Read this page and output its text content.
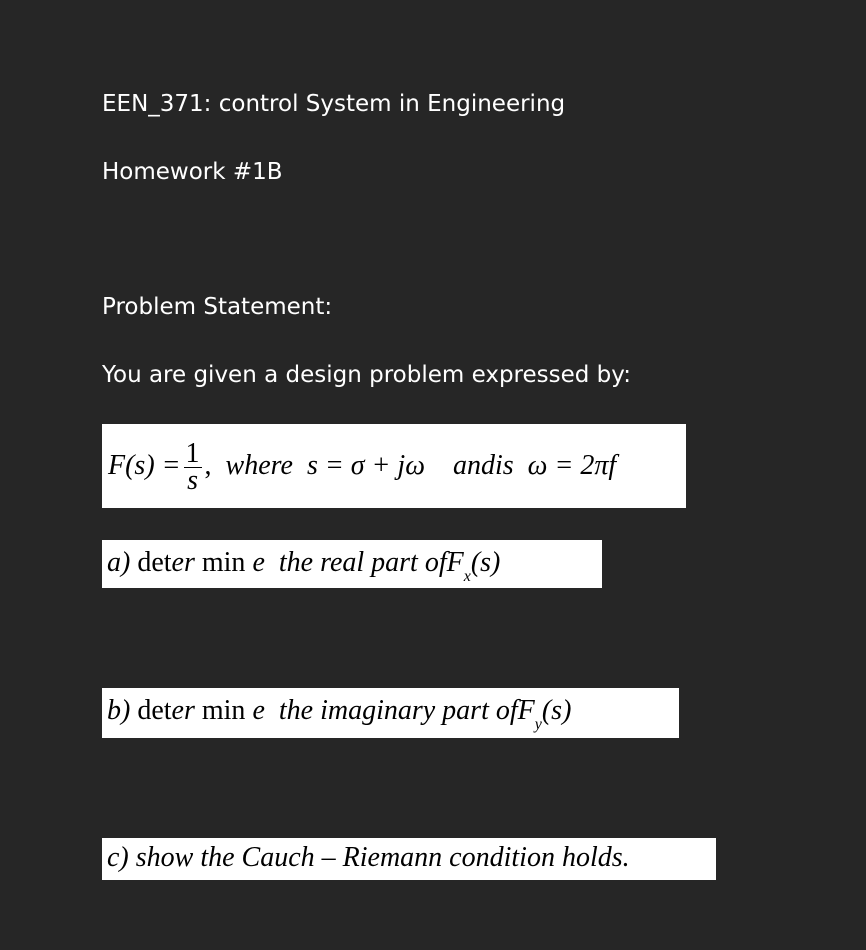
EEN_371: control System in Engineering
Homework #1B
Problem Statement:
You are given a design problem expressed by:
$F(s) = \frac{1}{s}$ , where s = σ + jω andis ω = 2πf
a) deter min e the real part ofF$_x$(s)
b) deter min e the imaginary part ofF$_y$(s)
c) show the Cauch – Riemann condition holds.
